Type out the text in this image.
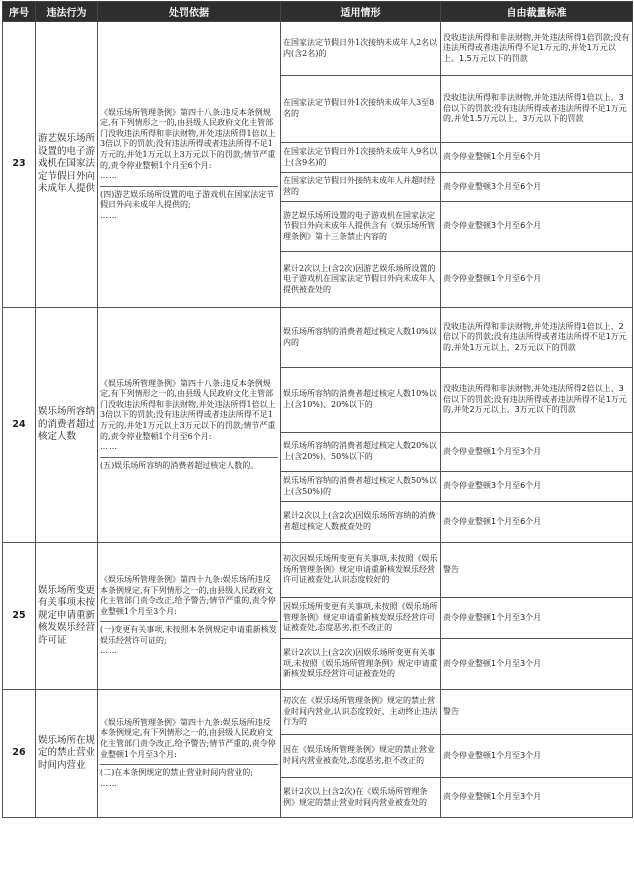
序号	违法行为	处罚依据	适用情形	自由裁量标准
23	游艺娱乐场所设置的电子游戏机在国家法定节假日外向未成年人提供	《娱乐场所管理条例》第四十八条:违反本条例规定,有下列情形之一的,由县级人民政府文化主管部门没收违法所得和非法财物,并处违法所得1倍以上3倍以下的罚款;没有违法所得或者违法所得不足1万元的,并处1万元以上3万元以下的罚款;情节严重的,责令停业整顿1个月至6个月:
……
(四)游艺娱乐场所设置的电子游戏机在国家法定节假日外向未成年人提供的;
……	在国家法定节假日外1次接纳未成年人2名以内(含2名)的	没收违法所得和非法财物,并处违法所得1倍罚款;没有违法所得或者违法所得不足1万元的,并处1万元以上、1.5万元以下的罚款
			在国家法定节假日外1次接纳未成年人3至8名的	没收违法所得和非法财物,并处违法所得1倍以上、3倍以下的罚款;没有违法所得或者违法所得不足1万元的,并处1.5万元以上、3万元以下的罚款
			在国家法定节假日外1次接纳未成年人9名以上(含9名)的	责令停业整顿1个月至6个月
			在国家法定节假日外接纳未成年人并超时经营的	责令停业整顿3个月至6个月
			游艺娱乐场所设置的电子游戏机在国家法定节假日外向未成年人提供含有《娱乐场所管理条例》第十三条禁止内容的	责令停业整顿3个月至6个月
			累计2次以上(含2次)因游艺娱乐场所设置的电子游戏机在国家法定节假日外向未成年人提供被查处的	责令停业整顿1个月至6个月
24	娱乐场所容纳的消费者超过核定人数	《娱乐场所管理条例》第四十八条:违反本条例规定,有下列情形之一的,由县级人民政府文化主管部门没收违法所得和非法财物,并处违法所得1倍以上3倍以下的罚款;没有违法所得或者违法所得不足1万元的,并处1万元以上3万元以下的罚款;情节严重的,责令停业整顿1个月至6个月:
……
(五)娱乐场所容纳的消费者超过核定人数的。	娱乐场所容纳的消费者超过核定人数10%以内的	没收违法所得和非法财物,并处违法所得1倍以上、2倍以下的罚款;没有违法所得或者违法所得不足1万元的,并处1万元以上、2万元以下的罚款
			娱乐场所容纳的消费者超过核定人数10%以上(含10%)、20%以下的	没收违法所得和非法财物,并处违法所得2倍以上、3倍以下的罚款;没有违法所得或者违法所得不足1万元的,并处2万元以上、3万元以下的罚款
			娱乐场所容纳的消费者超过核定人数20%以上(含20%)、50%以下的	责令停业整顿1个月至3个月
			娱乐场所容纳的消费者超过核定人数50%以上(含50%)的	责令停业整顿3个月至6个月
			累计2次以上(含2次)因娱乐场所容纳的消费者超过核定人数被查处的	责令停业整顿1个月至6个月
25	娱乐场所变更有关事项未按规定申请重新核发娱乐经营许可证	《娱乐场所管理条例》第四十九条:娱乐场所违反本条例规定,有下列情形之一的,由县级人民政府文化主管部门责令改正,给予警告;情节严重的,责令停业整顿1个月至3个月:
(一)变更有关事项,未按照本条例规定申请重新核发娱乐经营许可证的;
……	初次因娱乐场所变更有关事项,未按照《娱乐场所管理条例》规定申请重新核发娱乐经营许可证被查处,认识态度较好的	警告
			因娱乐场所变更有关事项,未按照《娱乐场所管理条例》规定申请重新核发娱乐经营许可证被查处,态度恶劣,拒不改正的	责令停业整顿1个月至3个月
			累计2次以上(含2次)因娱乐场所变更有关事项,未按照《娱乐场所管理条例》规定申请重新核发娱乐经营许可证被查处的	责令停业整顿1个月至3个月
26	娱乐场所在规定的禁止营业时间内营业	《娱乐场所管理条例》第四十九条:娱乐场所违反本条例规定,有下列情形之一的,由县级人民政府文化主管部门责令改正,给予警告;情节严重的,责令停业整顿1个月至3个月:
(二)在本条例规定的禁止营业时间内营业的;
……	初次在《娱乐场所管理条例》规定的禁止营业时间内营业,认识态度较好、主动终止违法行为的	警告
			因在《娱乐场所管理条例》规定的禁止营业时间内营业被查处,态度恶劣,拒不改正的	责令停业整顿1个月至3个月
			累计2次以上(含2次)在《娱乐场所管理条例》规定的禁止营业时间内营业被查处的	责令停业整顿1个月至3个月
